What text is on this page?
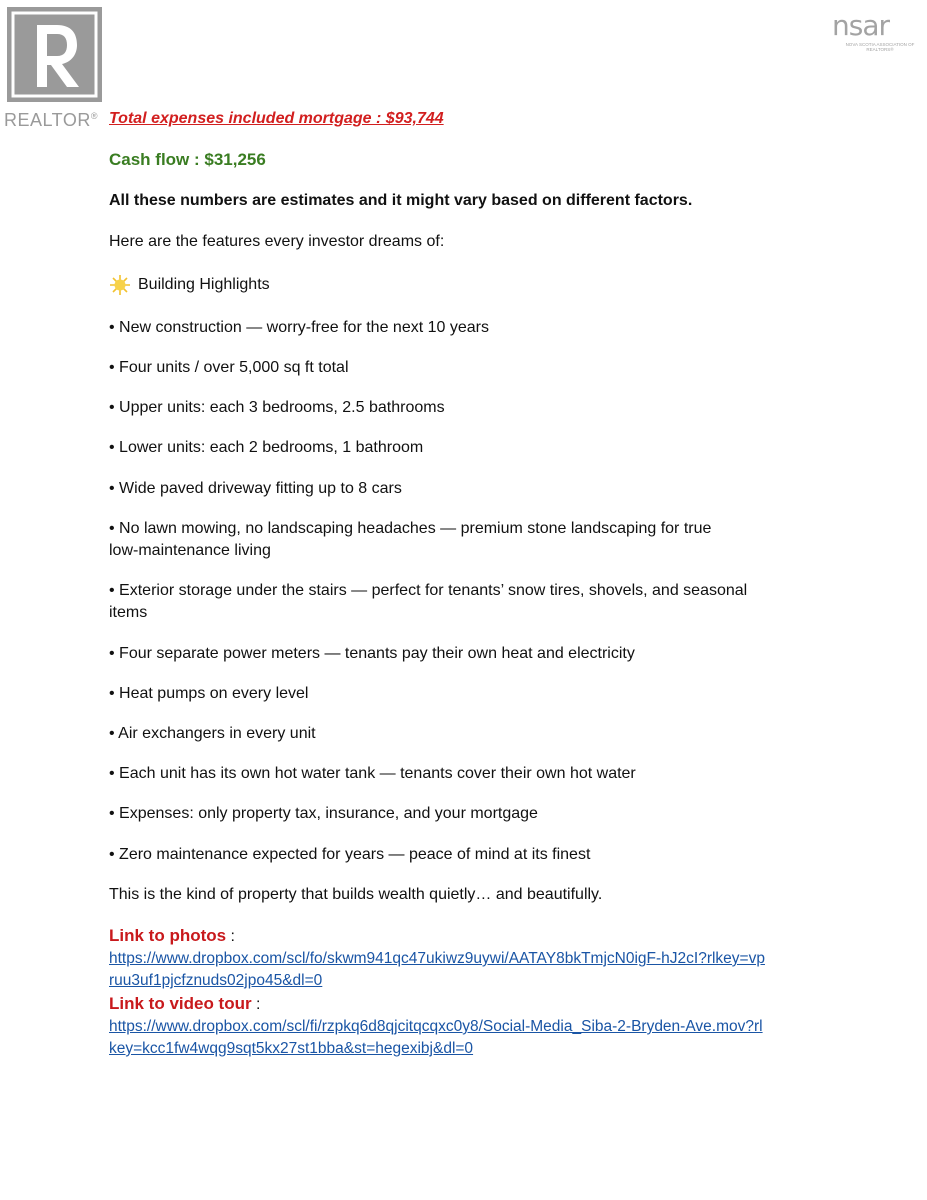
REALTOR®
nsar
NOVA SCOTIA ASSOCIATION OF REALTORS®
Total expenses included mortgage : $93,744
Cash flow : $31,256
All these numbers are estimates and it might vary based on different factors.
Here are the features every investor dreams of:
Building Highlights
• New construction — worry-free for the next 10 years
• Four units / over 5,000 sq ft total
• Upper units: each 3 bedrooms, 2.5 bathrooms
• Lower units: each 2 bedrooms, 1 bathroom
• Wide paved driveway fitting up to 8 cars
• No lawn mowing, no landscaping headaches — premium stone landscaping for true
low-maintenance living
• Exterior storage under the stairs — perfect for tenants’ snow tires, shovels, and seasonal
items
• Four separate power meters — tenants pay their own heat and electricity
• Heat pumps on every level
• Air exchangers in every unit
• Each unit has its own hot water tank — tenants cover their own hot water
• Expenses: only property tax, insurance, and your mortgage
• Zero maintenance expected for years — peace of mind at its finest
This is the kind of property that builds wealth quietly… and beautifully.
Link to photos :
https://www.dropbox.com/scl/fo/skwm941qc47ukiwz9uywi/AATAY8bkTmjcN0igF-hJ2cI?rlkey=vp
ruu3uf1pjcfznuds02jpo45&dl=0
Link to video tour :
https://www.dropbox.com/scl/fi/rzpkq6d8qjcitqcqxc0y8/Social-Media_Siba-2-Bryden-Ave.mov?rl
key=kcc1fw4wqg9sqt5kx27st1bba&st=hegexibj&dl=0
